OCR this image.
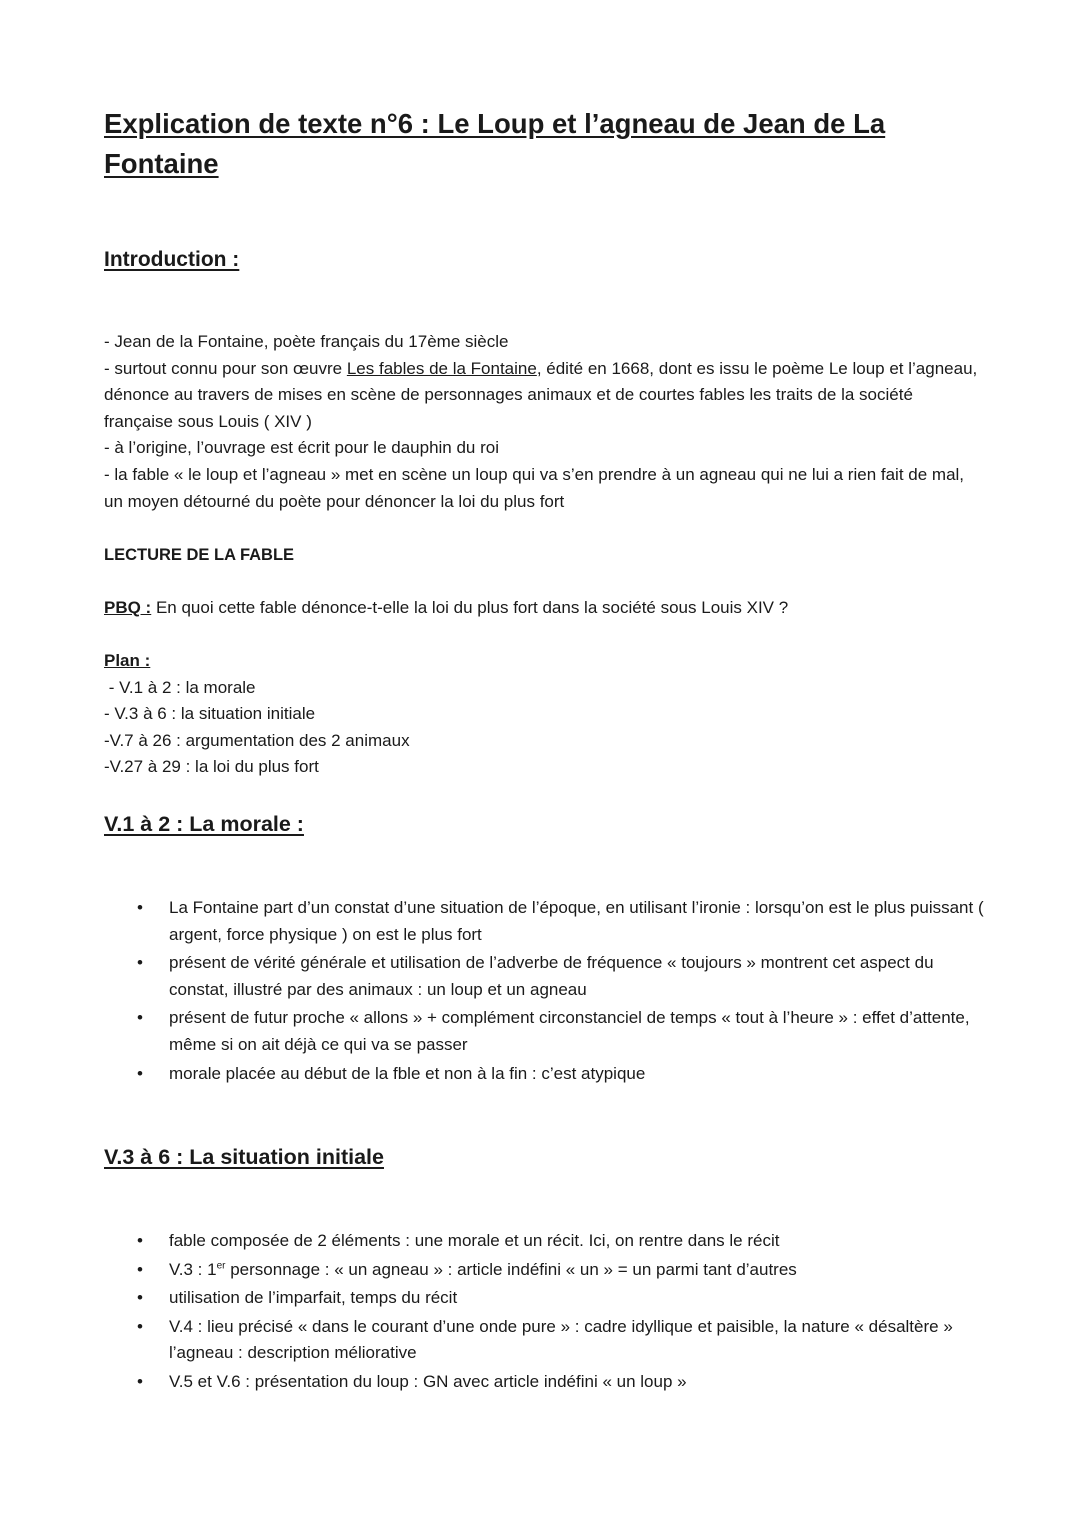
Explication de texte n°6 : Le Loup et l’agneau de Jean de La Fontaine
Introduction :

- Jean de la Fontaine, poète français du 17ème siècle

- surtout connu pour son œuvre Les fables de la Fontaine, édité en 1668, dont es issu le poème Le loup et l’agneau, dénonce au travers de mises en scène de personnages animaux et de courtes fables les traits de la société française sous Louis ( XIV )

- à l’origine, l’ouvrage est écrit pour le dauphin du roi

- la fable « le loup et l’agneau » met en scène un loup qui va s’en prendre à un agneau qui ne lui a rien fait de mal, un moyen détourné du poète pour dénoncer la loi du plus fort

LECTURE DE LA FABLE
PBQ : En quoi cette fable dénonce-t-elle la loi du plus fort dans la société sous Louis XIV ?

Plan :

- V.1 à 2 : la morale

- V.3 à 6 : la situation initiale

-V.7 à 26 : argumentation des 2 animaux

-V.27 à 29 : la loi du plus fort

V.1 à 2 : La morale :
• La Fontaine part d’un constat d’une situation de l’époque, en utilisant l’ironie : lorsqu’on est le plus puissant ( argent, force physique ) on est le plus fort
• présent de vérité générale et utilisation de l’adverbe de fréquence « toujours » montrent cet aspect du constat, illustré par des animaux : un loup et un agneau
• présent de futur proche « allons » + complément circonstanciel de temps « tout à l’heure » : effet d’attente, même si on ait déjà ce qui va se passer
• morale placée au début de la fble et non à la fin : c’est atypique
V.3 à 6 : La situation initiale
• fable composée de 2 éléments : une morale et un récit. Ici, on rentre dans le récit
• V.3 : 1er personnage : « un agneau » : article indéfini « un » = un parmi tant d’autres
• utilisation de l’imparfait, temps du récit
• V.4 : lieu précisé « dans le courant d’une onde pure » : cadre idyllique et paisible, la nature « désaltère » l’agneau : description méliorative
• V.5 et V.6 : présentation du loup : GN avec article indéfini « un loup »
